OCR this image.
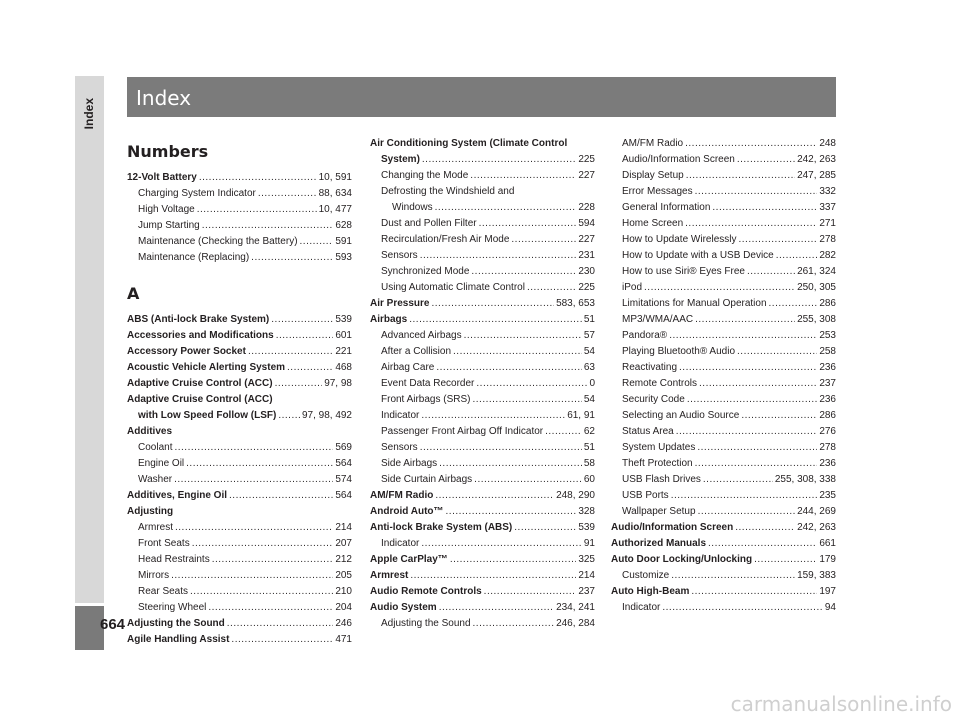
Index
Index
664
Numbers
12-Volt Battery .....	10, 591
Charging System Indicator .....	88, 634
High Voltage .....	10, 477
Jump Starting .....	628
Maintenance (Checking the Battery) .....	591
Maintenance (Replacing) .....	593
A
ABS (Anti-lock Brake System) .....	539
Accessories and Modifications .....	601
Accessory Power Socket .....	221
Acoustic Vehicle Alerting System .....	468
Adaptive Cruise Control (ACC) .....	97, 98
Adaptive Cruise Control (ACC)
with Low Speed Follow (LSF) .....	97, 98, 492
Additives
Coolant .....	569
Engine Oil .....	564
Washer .....	574
Additives, Engine Oil .....	564
Adjusting
Armrest .....	214
Front Seats .....	207
Head Restraints .....	212
Mirrors .....	205
Rear Seats .....	210
Steering Wheel .....	204
Adjusting the Sound .....	246
Agile Handling Assist .....	471
Air Conditioning System (Climate Control
System) .....	225
Changing the Mode .....	227
Defrosting the Windshield and
Windows .....	228
Dust and Pollen Filter .....	594
Recirculation/Fresh Air Mode .....	227
Sensors .....	231
Synchronized Mode .....	230
Using Automatic Climate Control .....	225
Air Pressure .....	583, 653
Airbags .....	51
Advanced Airbags .....	57
After a Collision .....	54
Airbag Care .....	63
Event Data Recorder .....	0
Front Airbags (SRS) .....	54
Indicator .....	61, 91
Passenger Front Airbag Off Indicator .....	62
Sensors .....	51
Side Airbags .....	58
Side Curtain Airbags .....	60
AM/FM Radio .....	248, 290
Android Auto™ .....	328
Anti-lock Brake System (ABS) .....	539
Indicator .....	91
Apple CarPlay™ .....	325
Armrest .....	214
Audio Remote Controls .....	237
Audio System .....	234, 241
Adjusting the Sound .....	246, 284
AM/FM Radio .....	248
Audio/Information Screen .....	242, 263
Display Setup .....	247, 285
Error Messages .....	332
General Information .....	337
Home Screen .....	271
How to Update Wirelessly .....	278
How to Update with a USB Device .....	282
How to use Siri® Eyes Free .....	261, 324
iPod .....	250, 305
Limitations for Manual Operation .....	286
MP3/WMA/AAC .....	255, 308
Pandora® .....	253
Playing Bluetooth® Audio .....	258
Reactivating .....	236
Remote Controls .....	237
Security Code .....	236
Selecting an Audio Source .....	286
Status Area .....	276
System Updates .....	278
Theft Protection .....	236
USB Flash Drives .....	255, 308, 338
USB Ports .....	235
Wallpaper Setup .....	244, 269
Audio/Information Screen .....	242, 263
Authorized Manuals .....	661
Auto Door Locking/Unlocking .....	179
Customize .....	159, 383
Auto High-Beam .....	197
Indicator .....	94
carmanualsonline.info
